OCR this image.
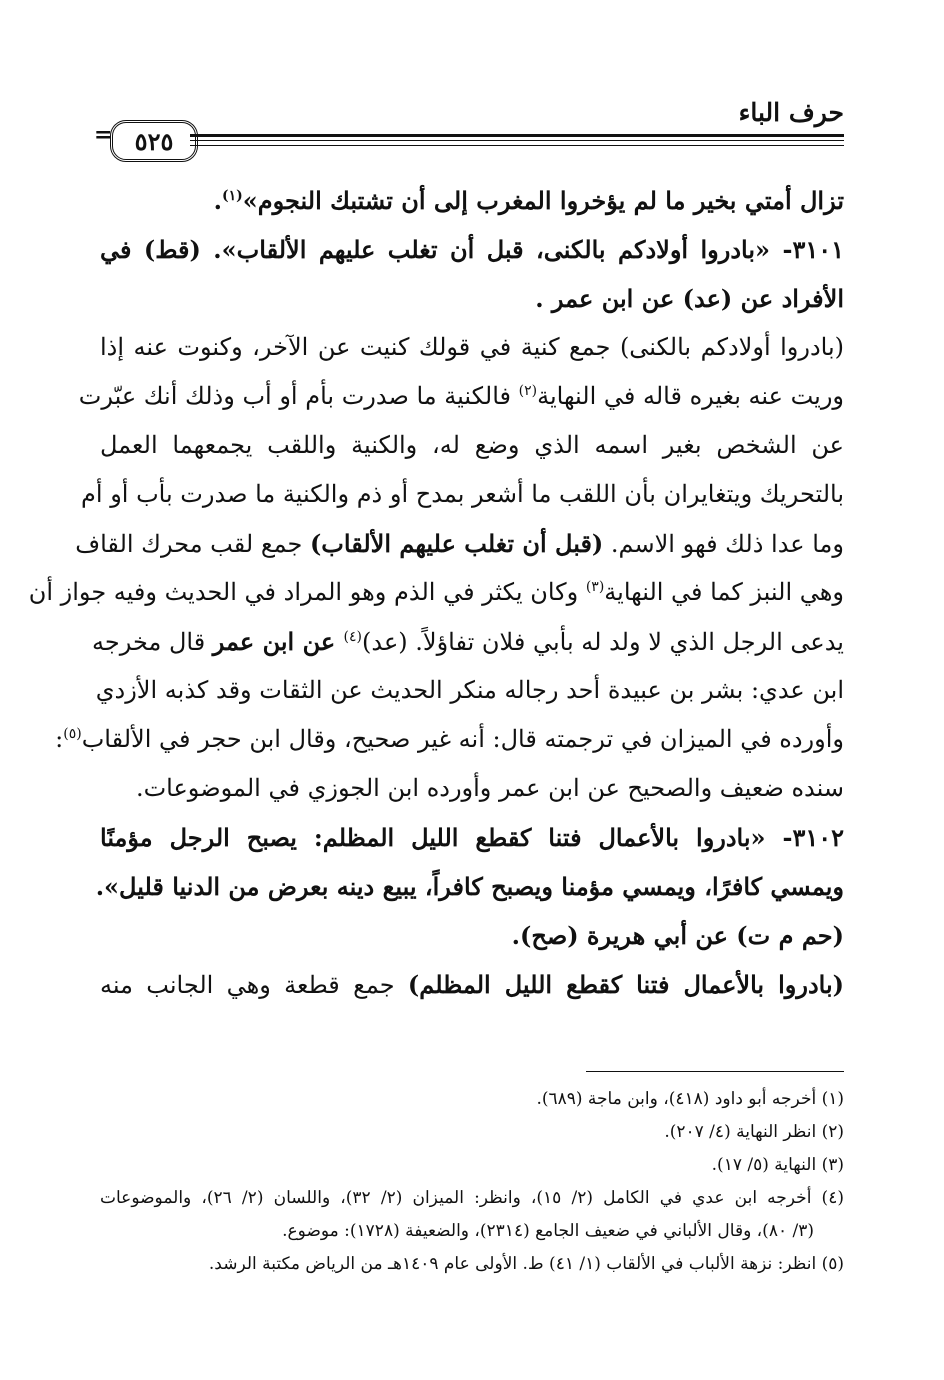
حرف الباء
= ٥٢٥
تزال أمتي بخير ما لم يؤخروا المغرب إلى أن تشتبك النجوم»$^{(١)}$.
٣١٠١- «بادروا أولادكم بالكنى، قبل أن تغلب عليهم الألقاب». (قط) في
الأفراد عن (عد) عن ابن عمر .
(بادروا أولادكم بالكنى) جمع كنية في قولك كنيت عن الآخر، وكنوت عنه إذا
وريت عنه بغيره قاله في النهاية$^{(٢)}$ فالكنية ما صدرت بأم أو أب وذلك أنك عبّرت
عن الشخص بغير اسمه الذي وضع له، والكنية واللقب يجمعهما العمل
بالتحريك ويتغايران بأن اللقب ما أشعر بمدح أو ذم والكنية ما صدرت بأب أو أم
وما عدا ذلك فهو الاسم. (قبل أن تغلب عليهم الألقاب) جمع لقب محرك القاف
وهي النبز كما في النهاية$^{(٣)}$ وكان يكثر في الذم وهو المراد في الحديث وفيه جواز أن
يدعى الرجل الذي لا ولد له بأبي فلان تفاؤلاً. (عد)$^{(٤)}$ عن ابن عمر قال مخرجه
ابن عدي: بشر بن عبيدة أحد رجاله منكر الحديث عن الثقات وقد كذبه الأزدي
وأورده في الميزان في ترجمته قال: أنه غير صحيح، وقال ابن حجر في الألقاب$^{(٥)}$:
سنده ضعيف والصحيح عن ابن عمر وأورده ابن الجوزي في الموضوعات.
٣١٠٢- «بادروا بالأعمال فتنا كقطع الليل المظلم: يصبح الرجل مؤمنًا
ويمسي كافرًا، ويمسي مؤمنا ويصبح كافراً، يبيع دينه بعرض من الدنيا قليل».
(حم م ت) عن أبي هريرة (صح).
(بادروا بالأعمال فتنا كقطع الليل المظلم) جمع قطعة وهي الجانب منه
(١) أخرجه أبو داود (٤١٨)، وابن ماجة (٦٨٩).
(٢) انظر النهاية (٤/ ٢٠٧).
(٣) النهاية (٥/ ١٧).
(٤) أخرجه ابن عدي في الكامل (٢/ ١٥)، وانظر: الميزان (٢/ ٣٢)، واللسان (٢/ ٢٦)، والموضوعات
(٣/ ٨٠)، وقال الألباني في ضعيف الجامع (٢٣١٤)، والضعيفة (١٧٢٨): موضوع.
(٥) انظر: نزهة الألباب في الألقاب (١/ ٤١) ط. الأولى عام ١٤٠٩هـ من الرياض مكتبة الرشد.
